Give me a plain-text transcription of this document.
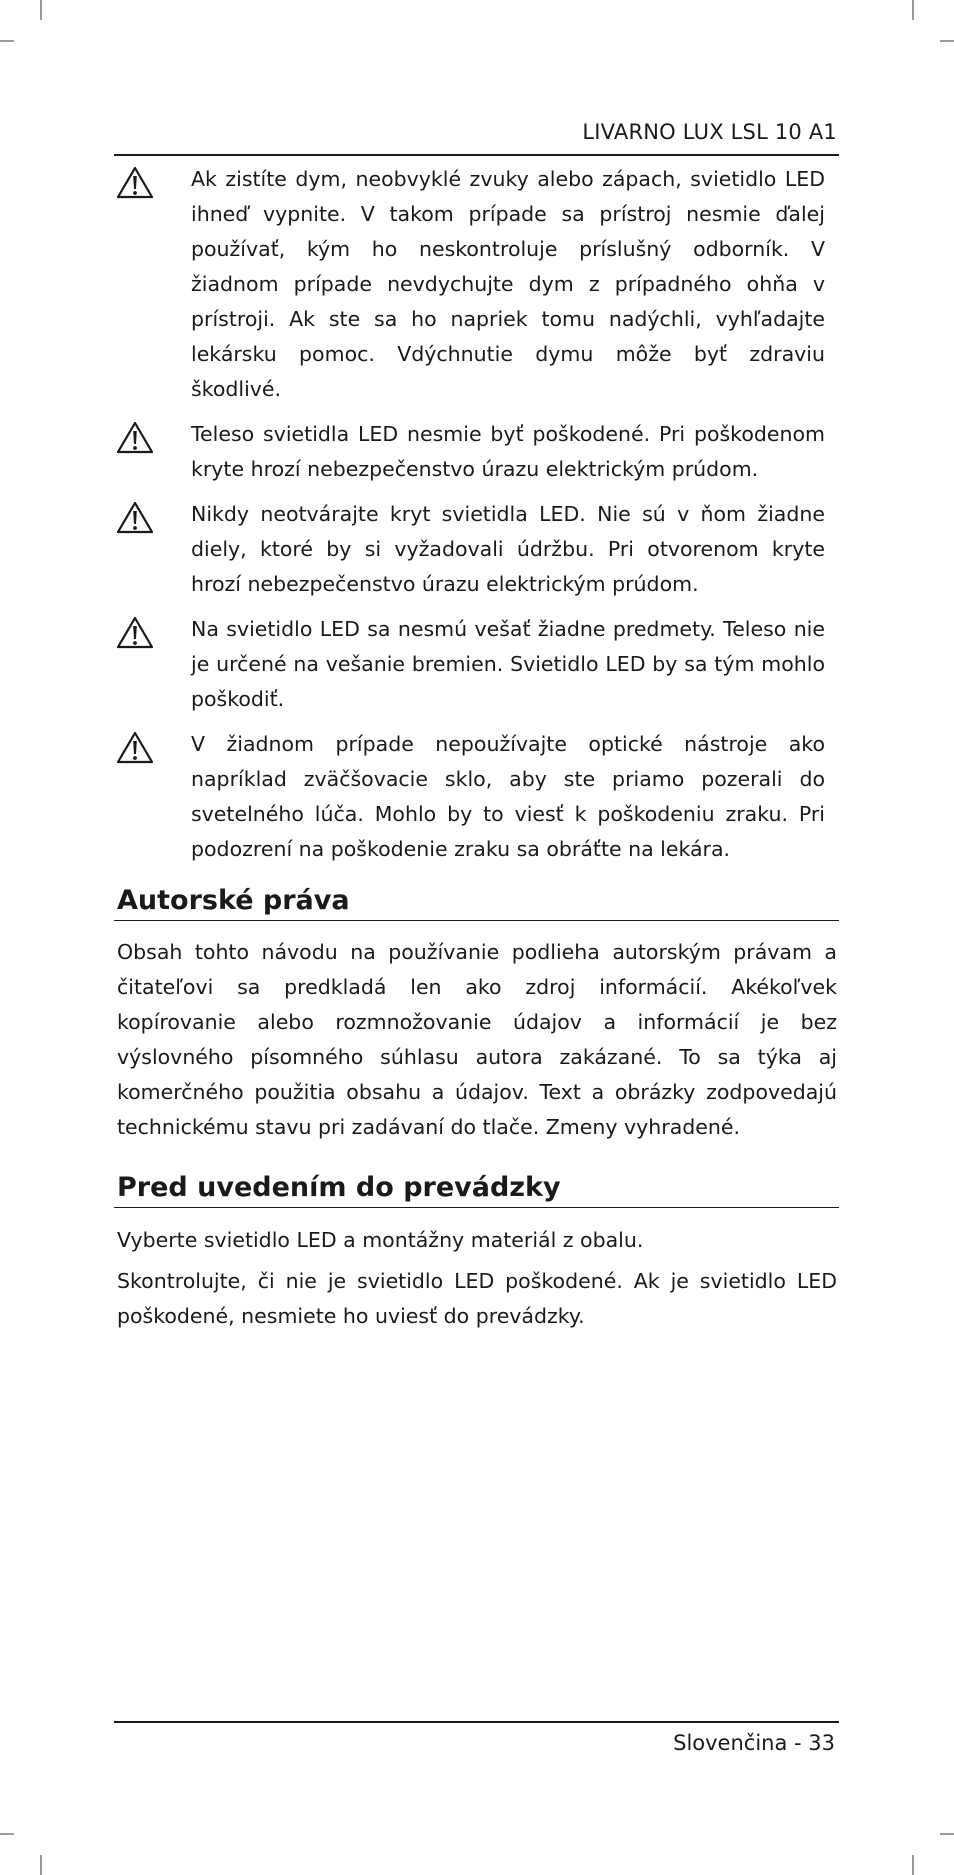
LIVARNO LUX LSL 10 A1
Ak zistíte dym, neobvyklé zvuky alebo zápach, svietidlo LED ihneď vypnite. V takom prípade sa prístroj nesmie ďalej používať, kým ho neskontroluje príslušný odborník. V žiadnom prípade nevdychujte dym z prípadného ohňa v prístroji. Ak ste sa ho napriek tomu nadýchli, vyhľadajte lekársku pomoc. Vdýchnutie dymu môže byť zdraviu škodlivé.
Teleso svietidla LED nesmie byť poškodené. Pri poškodenom kryte hrozí nebezpečenstvo úrazu elektrickým prúdom.
Nikdy neotvárajte kryt svietidla LED. Nie sú v ňom žiadne diely, ktoré by si vyžadovali údržbu. Pri otvorenom kryte hrozí nebezpečenstvo úrazu elektrickým prúdom.
Na svietidlo LED sa nesmú vešať žiadne predmety. Teleso nie je určené na vešanie bremien. Svietidlo LED by sa tým mohlo poškodiť.
V žiadnom prípade nepoužívajte optické nástroje ako napríklad zväčšovacie sklo, aby ste priamo pozerali do svetelného lúča. Mohlo by to viesť k poškodeniu zraku. Pri podozrení na poškodenie zraku sa obráťte na lekára.
Autorské práva

Obsah tohto návodu na používanie podlieha autorským právam a čitateľovi sa predkladá len ako zdroj informácií. Akékoľvek kopírovanie alebo rozmnožovanie údajov a informácií je bez výslovného písomného súhlasu autora zakázané. To sa týka aj komerčného použitia obsahu a údajov. Text a obrázky zodpovedajú technickému stavu pri zadávaní do tlače. Zmeny vyhradené.

Pred uvedením do prevádzky

Vyberte svietidlo LED a montážny materiál z obalu.

Skontrolujte, či nie je svietidlo LED poškodené. Ak je svietidlo LED poškodené, nesmiete ho uviesť do prevádzky.

Slovenčina - 33
